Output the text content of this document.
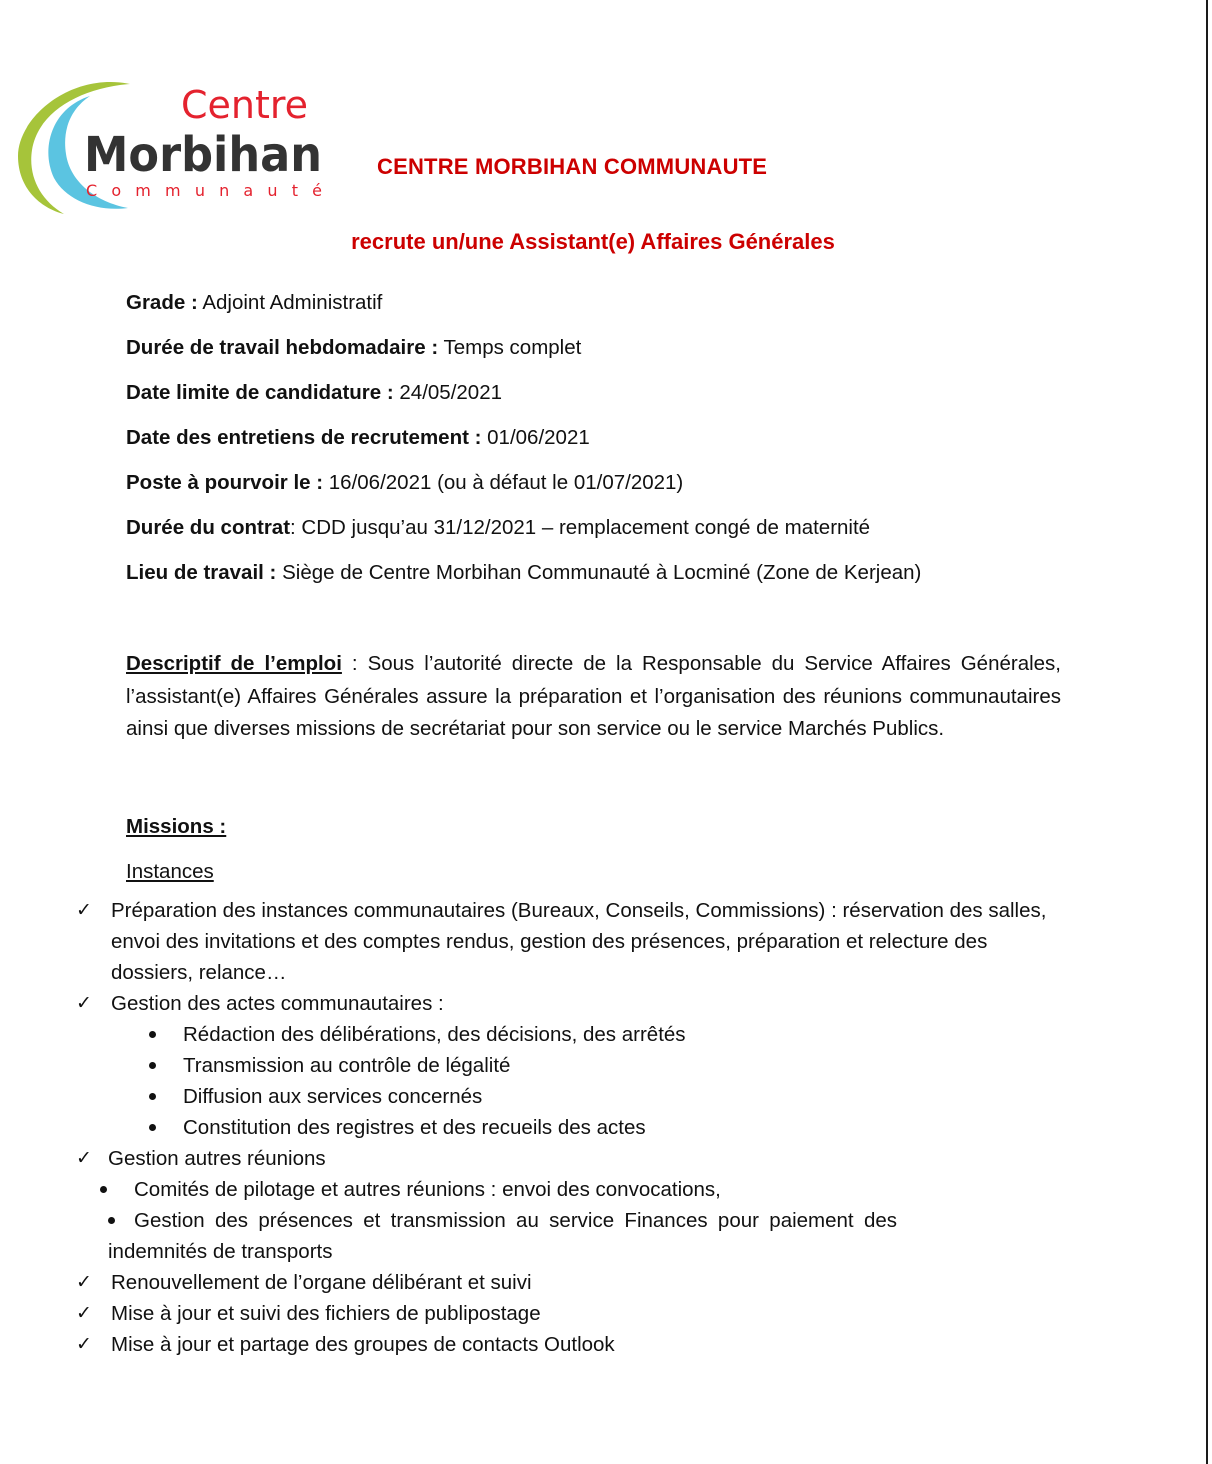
Centre
Morbihan
Communauté
CENTRE MORBIHAN COMMUNAUTE
recrute un/une Assistant(e) Affaires Générales
Grade : Adjoint Administratif
Durée de travail hebdomadaire : Temps complet
Date limite de candidature : 24/05/2021
Date des entretiens de recrutement : 01/06/2021
Poste à pourvoir le : 16/06/2021 (ou à défaut le 01/07/2021)
Durée du contrat: CDD jusqu’au 31/12/2021 – remplacement congé de maternité
Lieu de travail : Siège de Centre Morbihan Communauté à Locminé (Zone de Kerjean)

Descriptif de l’emploi : Sous l’autorité directe de la Responsable du Service Affaires Générales, l’assistant(e) Affaires Générales assure la préparation et l’organisation des réunions communautaires ainsi que diverses missions de secrétariat pour son service ou le service Marchés Publics.

Missions :
Instances
✓ Préparation des instances communautaires (Bureaux, Conseils, Commissions) : réservation des salles, envoi des invitations et des comptes rendus, gestion des présences, préparation et relecture des dossiers, relance…
✓ Gestion des actes communautaires :
Rédaction des délibérations, des décisions, des arrêtés
Transmission au contrôle de légalité
Diffusion aux services concernés
Constitution des registres et des recueils des actes
✓ Gestion autres réunions
Comités de pilotage et autres réunions : envoi des convocations,
Gestion des présences et transmission au service Finances pour paiement des indemnités de transports
✓ Renouvellement de l’organe délibérant et suivi
✓ Mise à jour et suivi des fichiers de publipostage
✓ Mise à jour et partage des groupes de contacts Outlook
